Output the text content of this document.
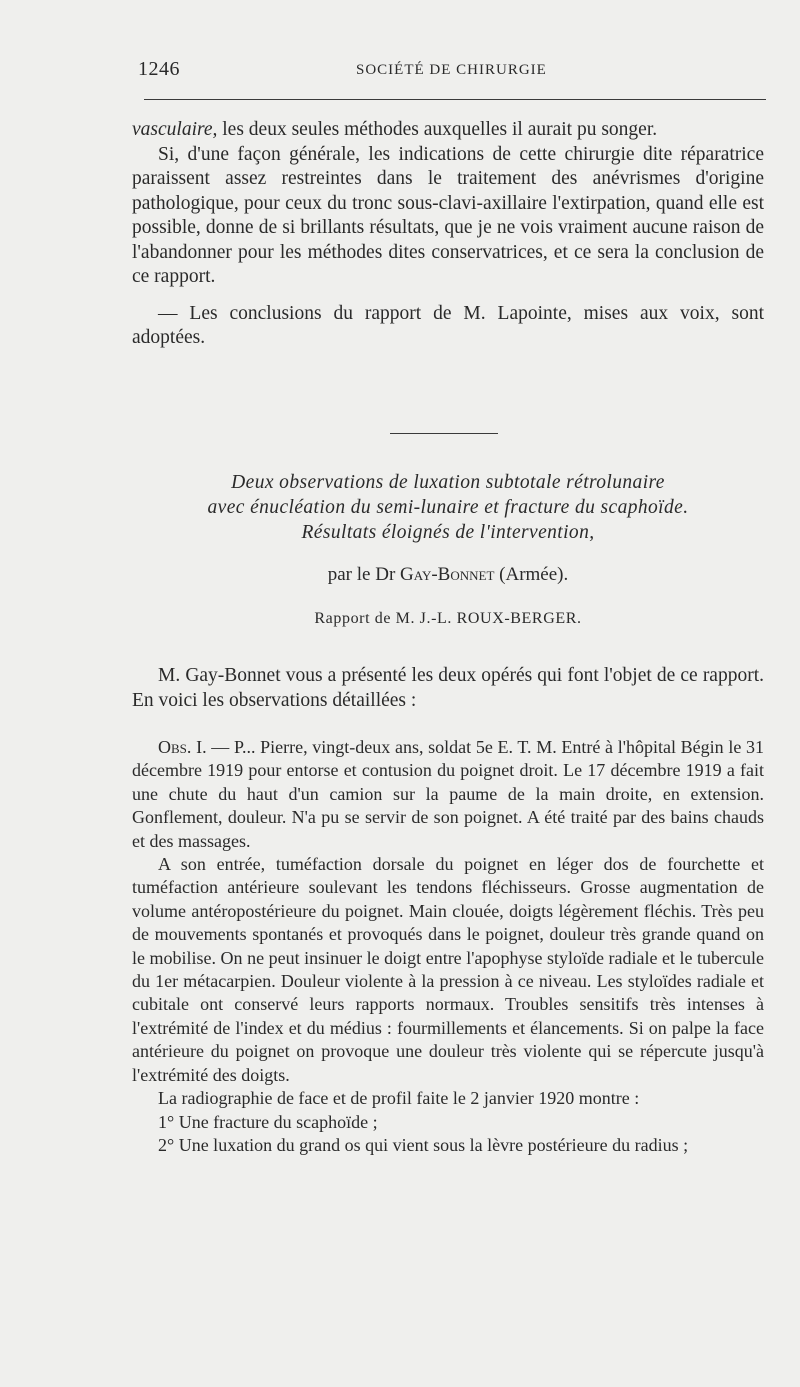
1246	SOCIÉTÉ DE CHIRURGIE

vasculaire, les deux seules méthodes auxquelles il aurait pu songer.

Si, d'une façon générale, les indications de cette chirurgie dite réparatrice paraissent assez restreintes dans le traitement des anévrismes d'origine pathologique, pour ceux du tronc sous-clavi-axillaire l'extirpation, quand elle est possible, donne de si brillants résultats, que je ne vois vraiment aucune raison de l'abandonner pour les méthodes dites conservatrices, et ce sera la conclusion de ce rapport.

— Les conclusions du rapport de M. Lapointe, mises aux voix, sont adoptées.

Deux observations de luxation subtotale rétrolunaire
avec énucléation du semi-lunaire et fracture du scaphoïde.
Résultats éloignés de l'intervention,
par le Dr Gay-Bonnet (Armée).
Rapport de M. J.-L. ROUX-BERGER.

M. Gay-Bonnet vous a présenté les deux opérés qui font l'objet de ce rapport. En voici les observations détaillées :

Obs. I. — P... Pierre, vingt-deux ans, soldat 5e E. T. M. Entré à l'hôpital Bégin le 31 décembre 1919 pour entorse et contusion du poignet droit. Le 17 décembre 1919 a fait une chute du haut d'un camion sur la paume de la main droite, en extension. Gonflement, douleur. N'a pu se servir de son poignet. A été traité par des bains chauds et des massages.

A son entrée, tuméfaction dorsale du poignet en léger dos de fourchette et tuméfaction antérieure soulevant les tendons fléchisseurs. Grosse augmentation de volume antéropostérieure du poignet. Main clouée, doigts légèrement fléchis. Très peu de mouvements spontanés et provoqués dans le poignet, douleur très grande quand on le mobilise. On ne peut insinuer le doigt entre l'apophyse styloïde radiale et le tubercule du 1er métacarpien. Douleur violente à la pression à ce niveau. Les styloïdes radiale et cubitale ont conservé leurs rapports normaux. Troubles sensitifs très intenses à l'extrémité de l'index et du médius : fourmillements et élancements. Si on palpe la face antérieure du poignet on provoque une douleur très violente qui se répercute jusqu'à l'extrémité des doigts.

La radiographie de face et de profil faite le 2 janvier 1920 montre :

1° Une fracture du scaphoïde ;

2° Une luxation du grand os qui vient sous la lèvre postérieure du radius ;
